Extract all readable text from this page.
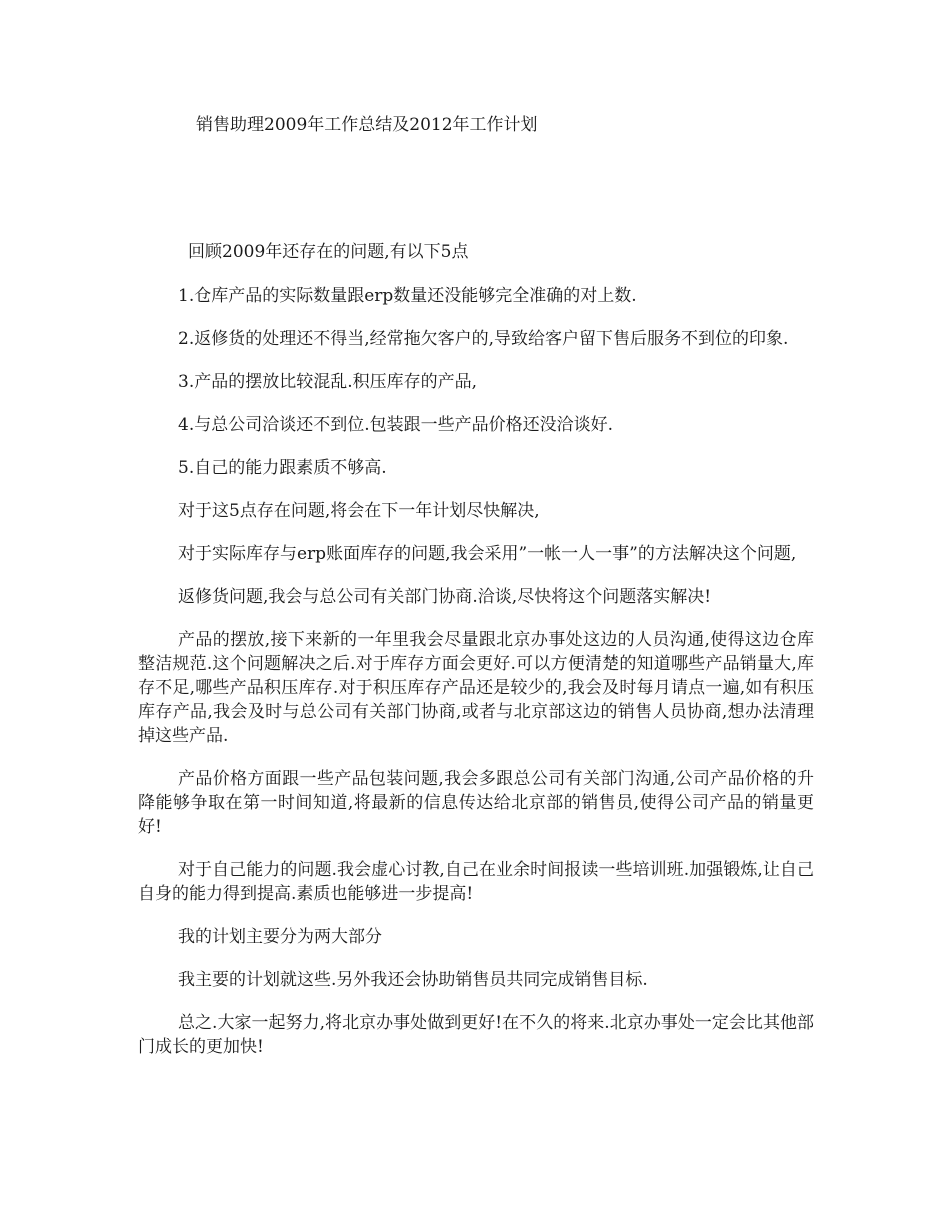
销售助理2009年工作总结及2012年工作计划

回顾2009年还存在的问题,有以下5点

1.仓库产品的实际数量跟erp数量还没能够完全准确的对上数.

2.返修货的处理还不得当,经常拖欠客户的,导致给客户留下售后服务不到位的印象.

3.产品的摆放比较混乱.积压库存的产品,

4.与总公司洽谈还不到位.包装跟一些产品价格还没洽谈好.

5.自己的能力跟素质不够高.

对于这5点存在问题,将会在下一年计划尽快解决,

对于实际库存与erp账面库存的问题,我会采用”一帐一人一事”的方法解决这个问题,

返修货问题,我会与总公司有关部门协商.洽谈,尽快将这个问题落实解决!

产品的摆放,接下来新的一年里我会尽量跟北京办事处这边的人员沟通,使得这边仓库整洁规范.这个问题解决之后.对于库存方面会更好.可以方便清楚的知道哪些产品销量大,库存不足,哪些产品积压库存.对于积压库存产品还是较少的,我会及时每月请点一遍,如有积压库存产品,我会及时与总公司有关部门协商,或者与北京部这边的销售人员协商,想办法清理掉这些产品.

产品价格方面跟一些产品包装问题,我会多跟总公司有关部门沟通,公司产品价格的升降能够争取在第一时间知道,将最新的信息传达给北京部的销售员,使得公司产品的销量更好!

对于自己能力的问题.我会虚心讨教,自己在业余时间报读一些培训班.加强锻炼,让自己自身的能力得到提高.素质也能够进一步提高!

我的计划主要分为两大部分

我主要的计划就这些.另外我还会协助销售员共同完成销售目标.

总之.大家一起努力,将北京办事处做到更好!在不久的将来.北京办事处一定会比其他部门成长的更加快!
